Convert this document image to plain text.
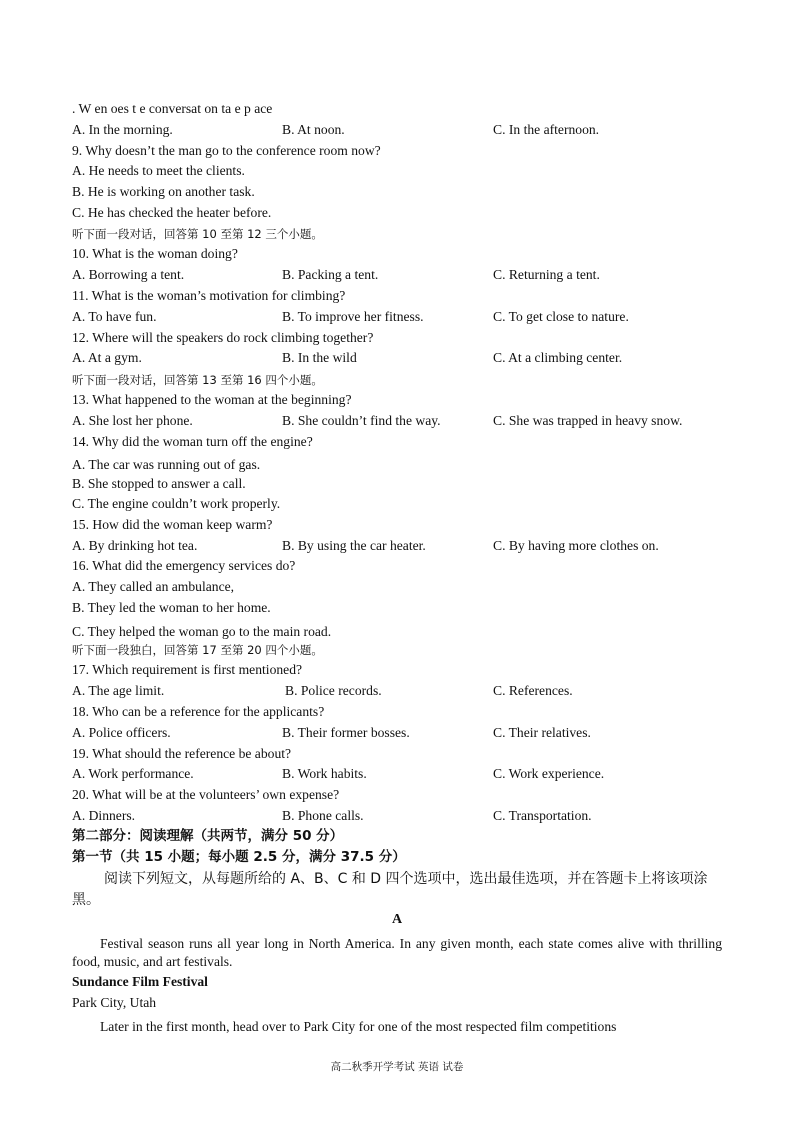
. W en oes t e conversat on ta e p ace
A. In the morning.	B. At noon.	C. In the afternoon.
9. Why doesn’t the man go to the conference room now?
A. He needs to meet the clients.
B. He is working on another task.
C. He has checked the heater before.
听下面一段对话，回答第 10 至第 12 三个小题。
10. What is the woman doing?
A. Borrowing a tent.	B. Packing a tent.	C. Returning a tent.
11. What is the woman’s motivation for climbing?
A. To have fun.	B. To improve her fitness.	C. To get close to nature.
12. Where will the speakers do rock climbing together?
A. At a gym.	B. In the wild	C. At a climbing center.
听下面一段对话，回答第 13 至第 16 四个小题。
13. What happened to the woman at the beginning?
A. She lost her phone.	B. She couldn’t find the way.	C. She was trapped in heavy snow.
14. Why did the woman turn off the engine?
A. The car was running out of gas.
B. She stopped to answer a call.
C. The engine couldn’t work properly.
15. How did the woman keep warm?
A. By drinking hot tea.	B. By using the car heater.	C. By having more clothes on.
16. What did the emergency services do?
A. They called an ambulance,
B. They led the woman to her home.
C. They helped the woman go to the main road.
听下面一段独白，回答第 17 至第 20 四个小题。
17. Which requirement is first mentioned?
A. The age limit.	B. Police records.	C. References.
18. Who can be a reference for the applicants?
A. Police officers.	B. Their former bosses.	C. Their relatives.
19. What should the reference be about?
A. Work performance.	B. Work habits.	C. Work experience.
20. What will be at the volunteers’ own expense?
A. Dinners.	B. Phone calls.	C. Transportation.
第二部分：阅读理解（共两节，满分 50 分）
第一节（共 15 小题；每小题 2.5 分，满分 37.5 分）
阅读下列短文，从每题所给的 A、B、C 和 D 四个选项中，选出最佳选项，并在答题卡上将该项涂黑。
A
Festival season runs all year long in North America. In any given month, each state comes alive with thrilling food, music, and art festivals.
Sundance Film Festival
Park City, Utah
Later in the first month, head over to Park City for one of the most respected film competitions
高二秋季开学考试 英语 试卷
